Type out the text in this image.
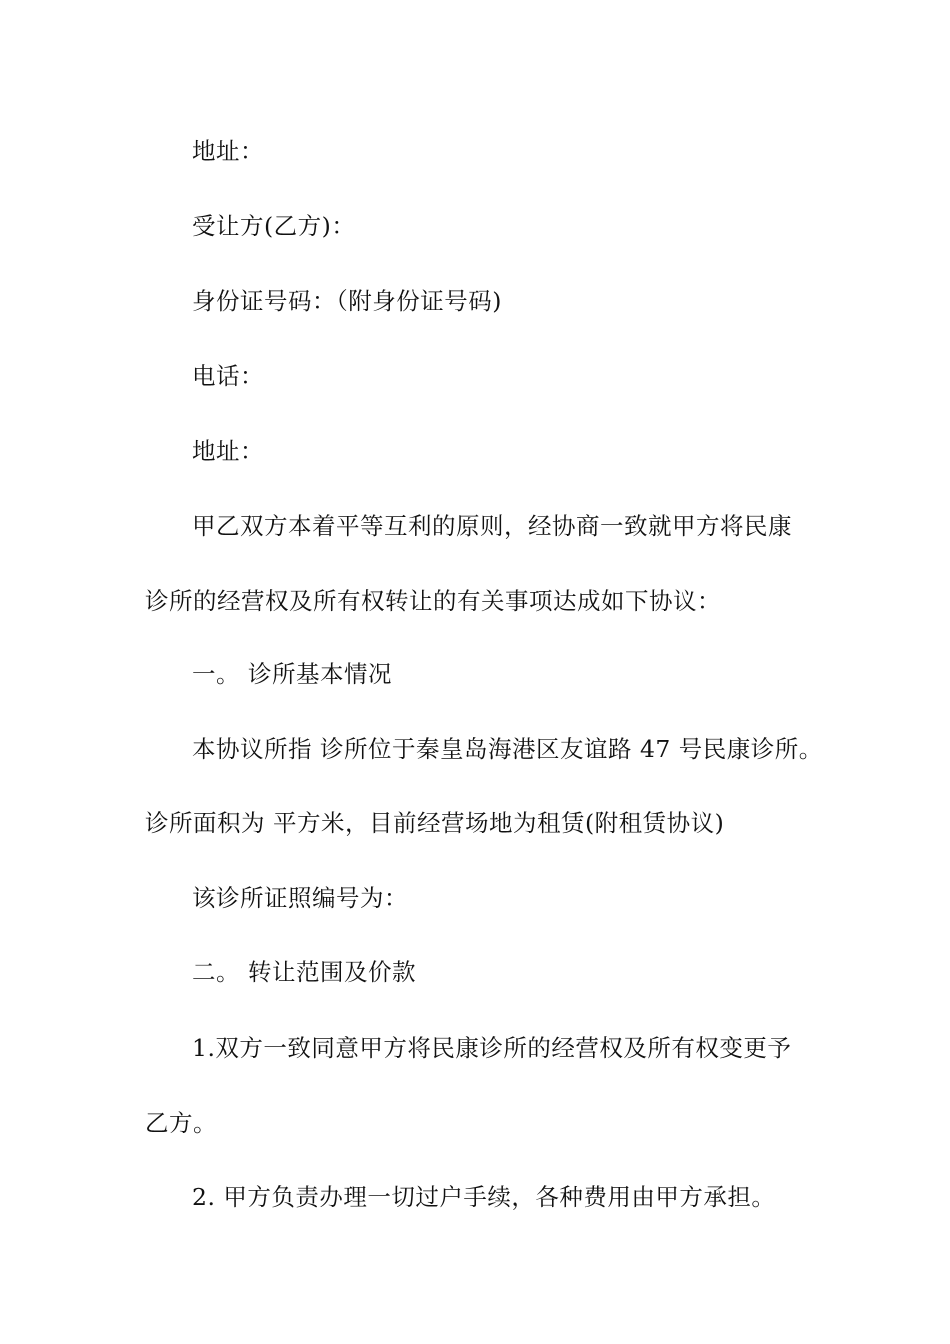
地址：
受让方(乙方)：
身份证号码：（附身份证号码)
电话：
地址：
甲乙双方本着平等互利的原则，经协商一致就甲方将民康
诊所的经营权及所有权转让的有关事项达成如下协议：
一。 诊所基本情况
本协议所指 诊所位于秦皇岛海港区友谊路 47 号民康诊所。
诊所面积为 平方米，目前经营场地为租赁(附租赁协议)
该诊所证照编号为：
二。 转让范围及价款
1.双方一致同意甲方将民康诊所的经营权及所有权变更予
乙方。
2. 甲方负责办理一切过户手续，各种费用由甲方承担。
